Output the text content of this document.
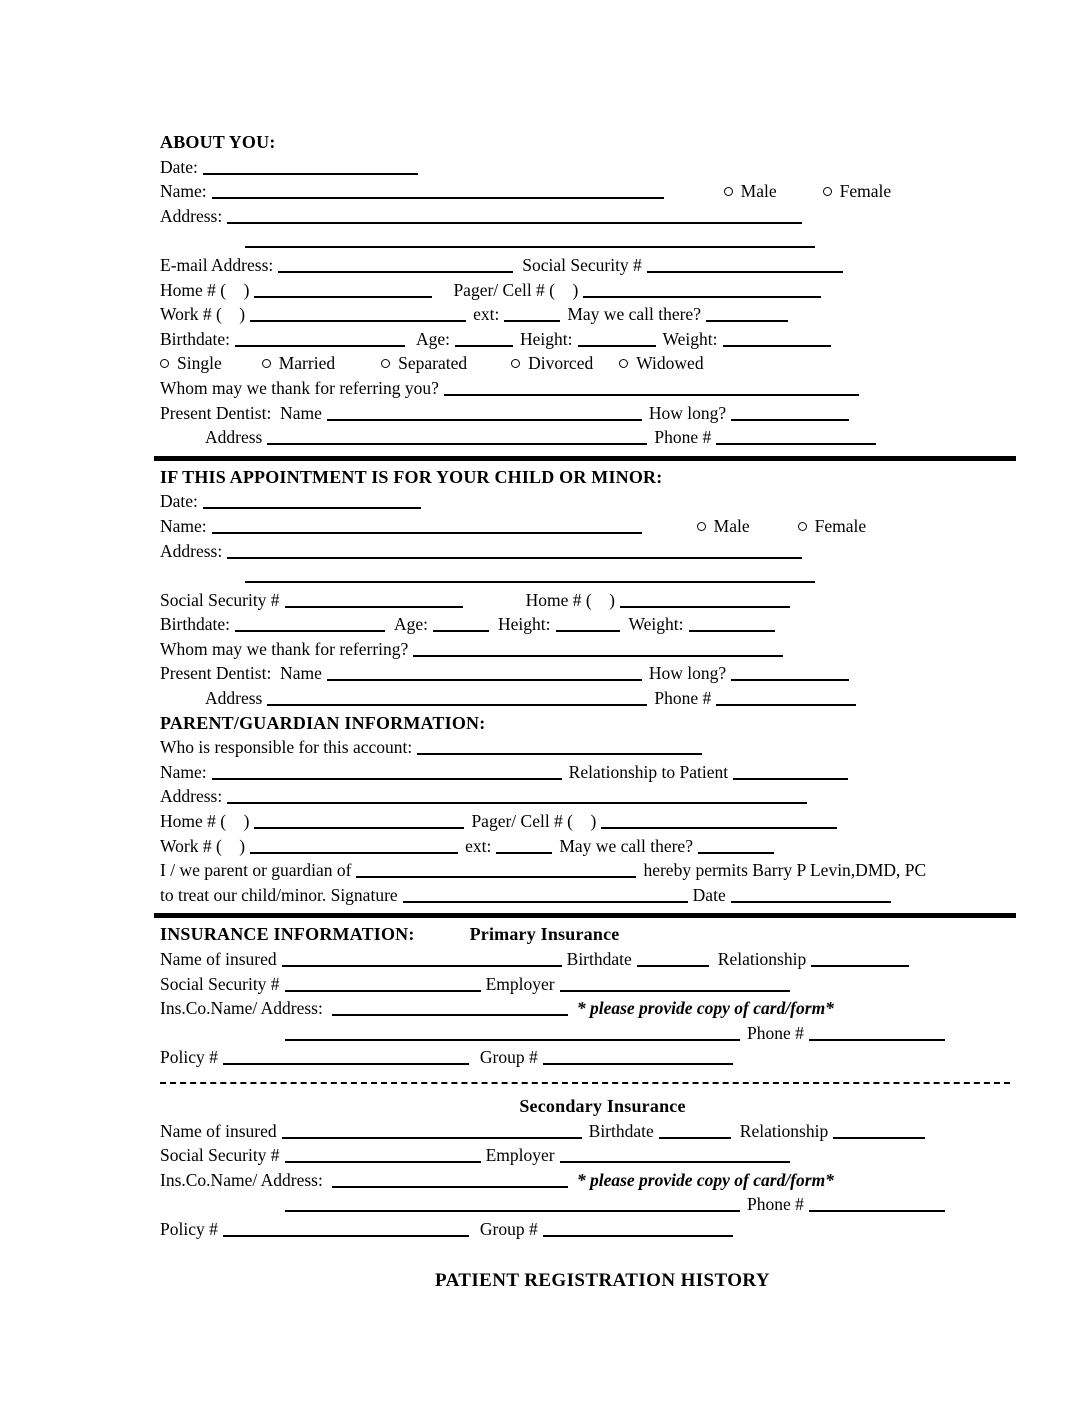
ABOUT YOU:
Date:
Name:	Male	Female
Address:
E-mail Address:	Social Security #
Home # (    )	Pager/ Cell # (    )
Work # (    )	ext:	May we call there?
Birthdate:	Age:	Height:	Weight:
Single	Married	Separated	Divorced Widowed
Whom may we thank for referring you?
Present Dentist:  Name	How long?
Address	Phone #
IF THIS APPOINTMENT IS FOR YOUR CHILD OR MINOR:
Date:
Name:	Male	Female
Address:
Social Security #	Home # (    )
Birthdate:	Age:	Height:	Weight:
Whom may we thank for referring?
Present Dentist:  Name	How long?
Address	Phone #
PARENT/GUARDIAN INFORMATION:
Who is responsible for this account:
Name:	Relationship to Patient
Address:
Home # (    )	Pager/ Cell # (    )
Work # (    )	ext:	May we call there?
I / we parent or guardian of	hereby permits Barry P Levin,DMD, PC
to treat our child/minor. Signature	Date
INSURANCE INFORMATION:	Primary Insurance
Name of insured	Birthdate	Relationship
Social Security #	Employer
Ins.Co.Name/ Address:	* please provide copy of card/form*
Phone #
Policy #	Group #
Secondary Insurance
Name of insured	Birthdate	Relationship
Social Security #	Employer
Ins.Co.Name/ Address:	* please provide copy of card/form*
Phone #
Policy #	Group #
PATIENT REGISTRATION HISTORY
